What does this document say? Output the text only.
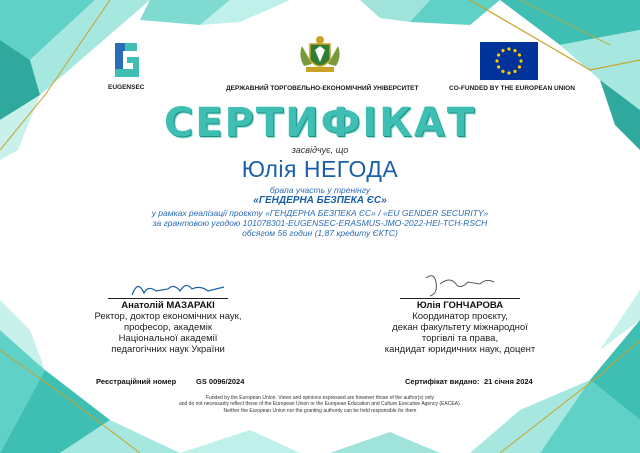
EUGENSEC	ДЕРЖАВНИЙ ТОРГОВЕЛЬНО-ЕКОНОМІЧНИЙ УНІВЕРСИТЕТ	CO-FUNDED BY THE EUROPEAN UNION
СЕРТИФІКАТ
засвідчує, що
Юлія НЕГОДА
брала участь у тренінгу
«ГЕНДЕРНА БЕЗПЕКА ЄС»
у рамках реалізації проєкту «ГЕНДЕРНА БЕЗПЕКА ЄС» / «EU GENDER SECURITY»
за грантовою угодою 101078301-EUGENSEC-ERASMUS-JMO-2022-HEI-TCH-RSCH
обсягом 56 годин (1,87 кредиту ЄКТС)
Анатолій МАЗАРАКІ
Ректор, доктор економічних наук,
професор, академік
Національної академії
педагогічних наук України
Юлія ГОНЧАРОВА
Координатор проєкту,
декан факультету міжнародної
торгівлі та права,
кандидат юридичних наук, доцент
Реєстраційний номер	GS 0096/2024	Сертифікат видано: 21 січня 2024
Funded by the European Union. Views and opinions expressed are however those of the author(s) only
and do not necessarily reflect those of the European Union or the European Education and Culture Executive Agency (EACEA).
Neither the European Union nor the granting authority can be held responsible for them
